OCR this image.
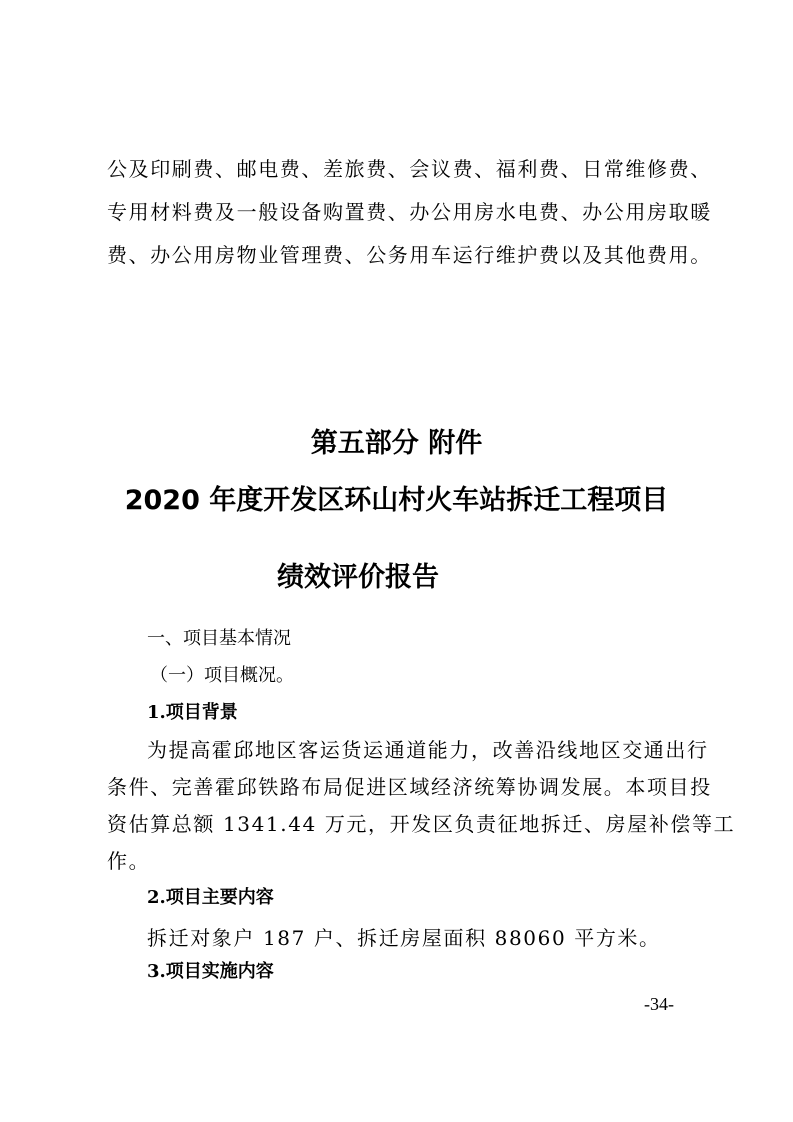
公及印刷费、邮电费、差旅费、会议费、福利费、日常维修费、
专用材料费及一般设备购置费、办公用房水电费、办公用房取暖
费、办公用房物业管理费、公务用车运行维护费以及其他费用。
第五部分 附件
2020 年度开发区环山村火车站拆迁工程项目
绩效评价报告
一、项目基本情况
（一）项目概况。
1.项目背景
为提高霍邱地区客运货运通道能力，改善沿线地区交通出行
条件、完善霍邱铁路布局促进区域经济统筹协调发展。本项目投
资估算总额 1341.44 万元，开发区负责征地拆迁、房屋补偿等工
作。
2.项目主要内容
拆迁对象户 187 户、拆迁房屋面积 88060 平方米。
3.项目实施内容
-34-
